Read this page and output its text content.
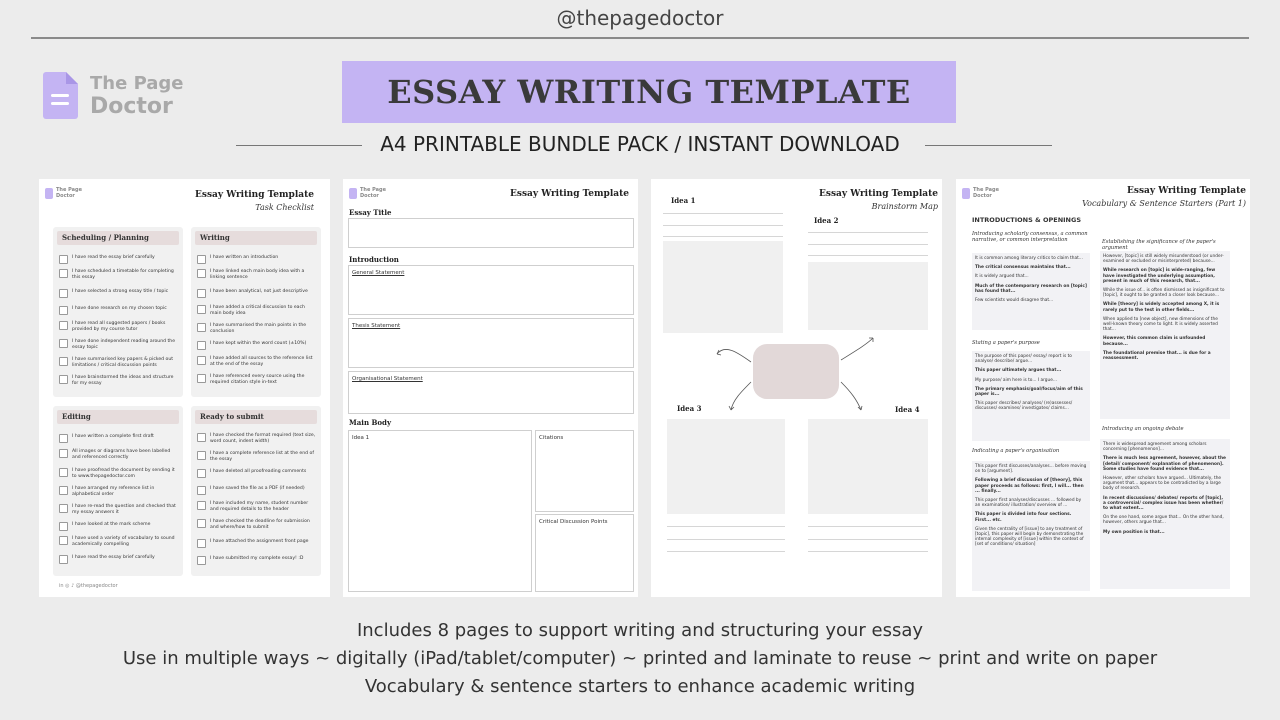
@thepagedoctor
The Page
Doctor	ESSAY WRITING TEMPLATE
A4 PRINTABLE BUNDLE PACK / INSTANT DOWNLOAD
The Page
Doctor	Essay Writing Template
Task Checklist
Scheduling / Planning
I have read the essay brief carefully
I have scheduled a timetable for completing this essay
I have selected a strong essay title / topic
I have done research on my chosen topic
I have read all suggested papers / books provided by my course tutor
I have done independent reading around the essay topic
I have summarised key papers & picked out limitations / critical discussion points
I have brainstormed the ideas and structure for my essay
Writing
I have written an introduction
I have linked each main body idea with a linking sentence
I have been analytical, not just descriptive
I have added a critical discussion to each main body idea
I have summarised the main points in the conclusion
I have kept within the word count (±10%)
I have added all sources to the reference list at the end of the essay
I have referenced every source using the required citation style in-text
Editing
I have written a complete first draft
All images or diagrams have been labelled and referenced correctly
I have proofread the document by sending it to www.thepagedoctor.com
I have arranged my reference list in alphabetical order
I have re-read the question and checked that my essay answers it
I have looked at the mark scheme
I have used a variety of vocabulary to sound academically compelling
I have read the essay brief carefully
Ready to submit
I have checked the format required (text size, word count, indent width)
I have a complete reference list at the end of the essay
I have deleted all proofreading comments
I have saved the file as a PDF (if needed)
I have included my name, student number and required details to the header
I have checked the deadline for submission and where/how to submit
I have attached the assignment front page
I have submitted my complete essay! :D
in ◎ ♪ @thepagedoctor
The Page
Doctor	Essay Writing Template
Essay Title
Introduction
General Statement
Thesis Statement
Organisational Statement
Main Body
Idea 1	Citations
Critical Discussion Points
Essay Writing Template
Brainstorm Map
Idea 1
Idea 2
Idea 3	Idea 4
The Page
Doctor	Essay Writing Template
Vocabulary & Sentence Starters (Part 1)
INTRODUCTIONS & OPENINGS
Introducing scholarly consensus, a common narrative, or common interpretation

It is common among literary critics to claim that...

The critical consensus maintains that...

It is widely argued that...

Much of the contemporary research on [topic] has found that...

Few scientists would disagree that...

Stating a paper's purpose

The purpose of this paper/ essay/ report is to analyse/ describe/ argue...

This paper ultimately argues that...

My purpose/ aim here is to... I argue...

The primary emphasis/goal/focus/aim of this paper is...

This paper describes/ analyses/ (re)assesses/ discusses/ examines/ investigates/ claims...

Indicating a paper's organisation

This paper first discusses/analyses... before moving on to [argument].

Following a brief discussion of [theory], this paper proceeds as follows: first, I will... then ... finally...

This paper first analyses/discusses ... followed by an examination/ illustration/ overview of ...

This paper is divided into four sections. First... etc.

Given the centrality of [issue] to any treatment of [topic], this paper will begin by demonstrating the internal complexity of [issue] within the context of [set of conditions/ situation]

Establishing the significance of the paper's argument

However, [topic] is still widely misunderstood (or under-examined or excluded or misinterpreted) because...

While research on [topic] is wide-ranging, few have investigated the underlying assumption, present in much of this research, that...

While the issue of... is often dismissed as insignificant to [topic], it ought to be granted a closer look because...

While [theory] is widely accepted among X, it is rarely put to the test in other fields...

When applied to [new object], new dimensions of the well-known theory come to light. It is widely asserted that...

However, this common claim is unfounded because...

The foundational premise that... is due for a reassessment.

Introducing an ongoing debate

There is widespread agreement among scholars concerning [phenomenon]...

There is much less agreement, however, about the [detail/ component/ explanation of phenomenon]. Some studies have found evidence that...

However, other scholars have argued... Ultimately, the argument that... appears to be contradicted by a large body of research.

In recent discussions/ debates/ reports of [topic], a controversial/ complex issue has been whether/ to what extent...

On the one hand, some argue that... On the other hand, however, others argue that...

My own position is that...

Includes 8 pages to support writing and structuring your essay
Use in multiple ways ~ digitally (iPad/tablet/computer) ~ printed and laminate to reuse ~ print and write on paper
Vocabulary & sentence starters to enhance academic writing
